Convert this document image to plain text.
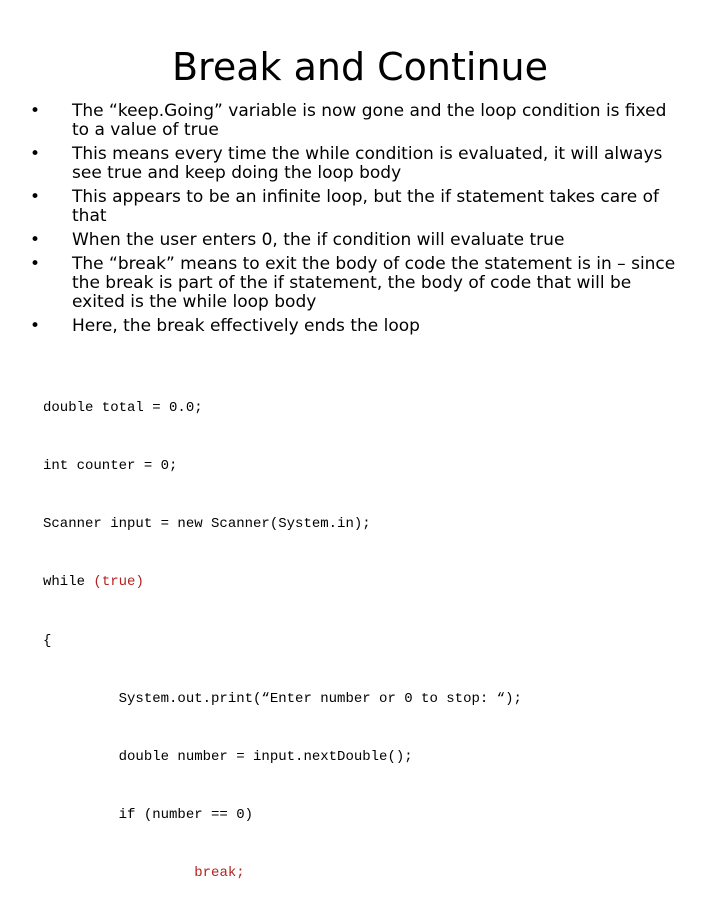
Break and Continue
• The “keep.Going” variable is now gone and the loop condition is fixed to a value of true
• This means every time the while condition is evaluated, it will always see true and keep doing the loop body
• This appears to be an infinite loop, but the if statement takes care of that
• When the user enters 0, the if condition will evaluate true
• The “break” means to exit the body of code the statement is in – since the break is part of the if statement, the body of code that will be exited is the while loop body
• Here, the break effectively ends the loop

double total = 0.0;

int counter = 0;

Scanner input = new Scanner(System.in);

while (true)

{

System.out.print(“Enter number or 0 to stop: “);

double number = input.nextDouble();

if (number == 0)

break;
